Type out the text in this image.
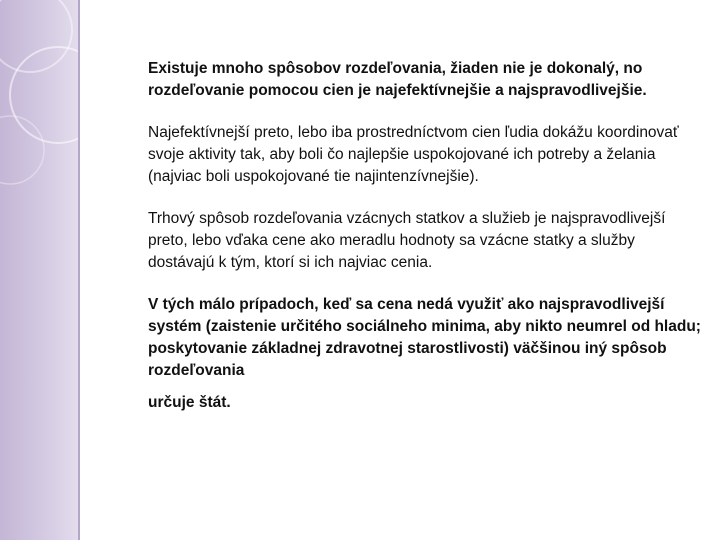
Existuje mnoho spôsobov rozdeľovania, žiaden nie je dokonalý, no rozdeľovanie pomocou cien je najefektívnejšie a najspravodlivejšie.

Najefektívnejší preto, lebo iba prostredníctvom cien ľudia dokážu koordinovať svoje aktivity tak, aby boli čo najlepšie uspokojované ich potreby a želania (najviac boli uspokojované tie najintenzívnejšie).

Trhový spôsob rozdeľovania vzácnych statkov a služieb je najspravodlivejší preto, lebo vďaka cene ako meradlu hodnoty sa vzácne statky a služby dostávajú k tým, ktorí si ich najviac cenia.

V tých málo prípadoch, keď sa cena nedá využiť ako najspravodlivejší systém (zaistenie určitého sociálneho minima, aby nikto neumrel od hladu; poskytovanie základnej zdravotnej starostlivosti) väčšinou iný spôsob rozdeľovania

určuje štát.
